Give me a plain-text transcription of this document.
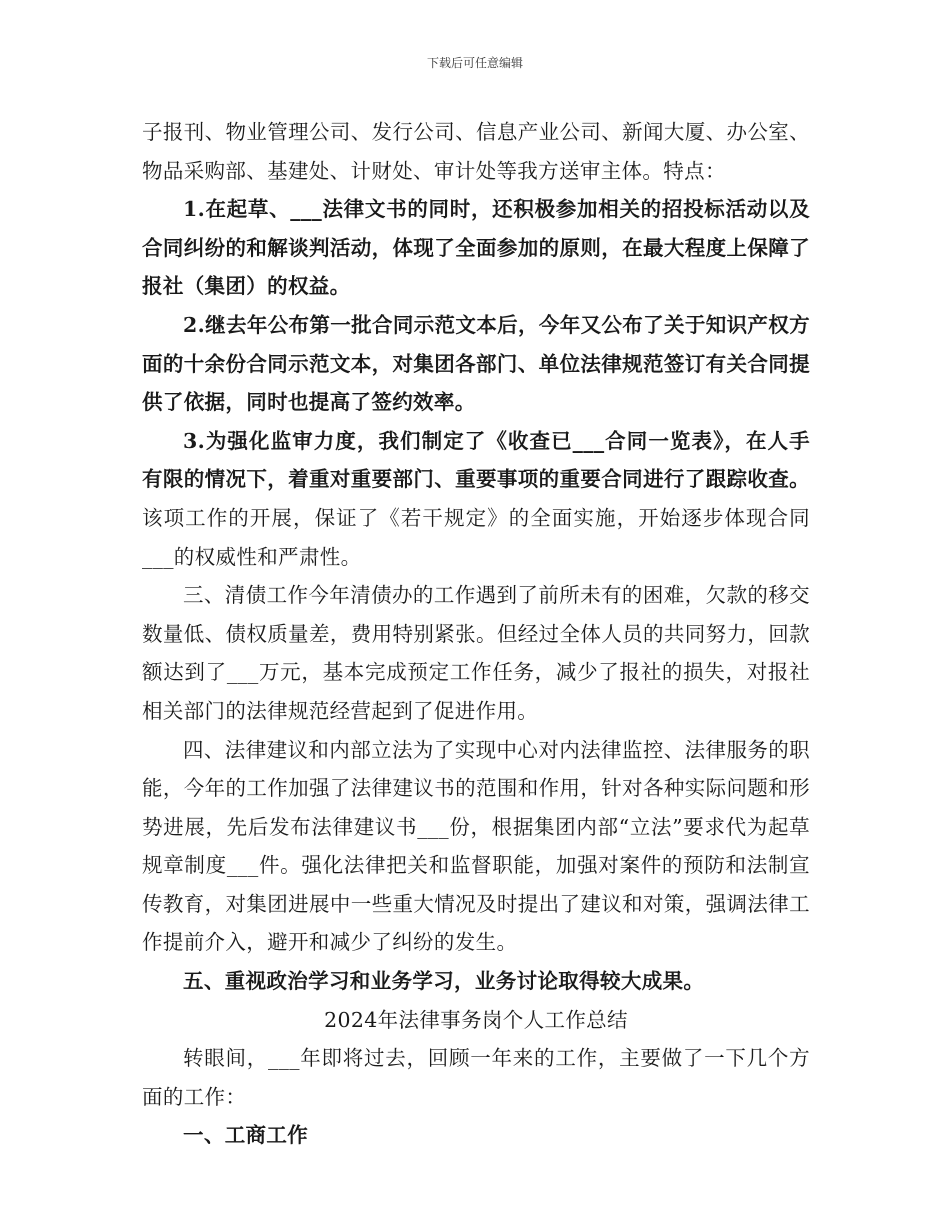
下载后可任意编辑

子报刊、物业管理公司、发行公司、信息产业公司、新闻大厦、办公室、物品采购部、基建处、计财处、审计处等我方送审主体。特点：

1.在起草、___法律文书的同时，还积极参加相关的招投标活动以及合同纠纷的和解谈判活动，体现了全面参加的原则，在最大程度上保障了报社（集团）的权益。

2.继去年公布第一批合同示范文本后，今年又公布了关于知识产权方面的十余份合同示范文本，对集团各部门、单位法律规范签订有关合同提供了依据，同时也提高了签约效率。

3.为强化监审力度，我们制定了《收查已___合同一览表》，在人手有限的情况下，着重对重要部门、重要事项的重要合同进行了跟踪收查。该项工作的开展，保证了《若干规定》的全面实施，开始逐步体现合同___的权威性和严肃性。

三、清债工作今年清债办的工作遇到了前所未有的困难，欠款的移交数量低、债权质量差，费用特别紧张。但经过全体人员的共同努力，回款额达到了___万元，基本完成预定工作任务，减少了报社的损失，对报社相关部门的法律规范经营起到了促进作用。

四、法律建议和内部立法为了实现中心对内法律监控、法律服务的职能，今年的工作加强了法律建议书的范围和作用，针对各种实际问题和形势进展，先后发布法律建议书___份，根据集团内部“立法”要求代为起草规章制度___件。强化法律把关和监督职能，加强对案件的预防和法制宣传教育，对集团进展中一些重大情况及时提出了建议和对策，强调法律工作提前介入，避开和减少了纠纷的发生。

五、重视政治学习和业务学习，业务讨论取得较大成果。

2024年法律事务岗个人工作总结

转眼间，___年即将过去，回顾一年来的工作，主要做了一下几个方面的工作：

一、工商工作
